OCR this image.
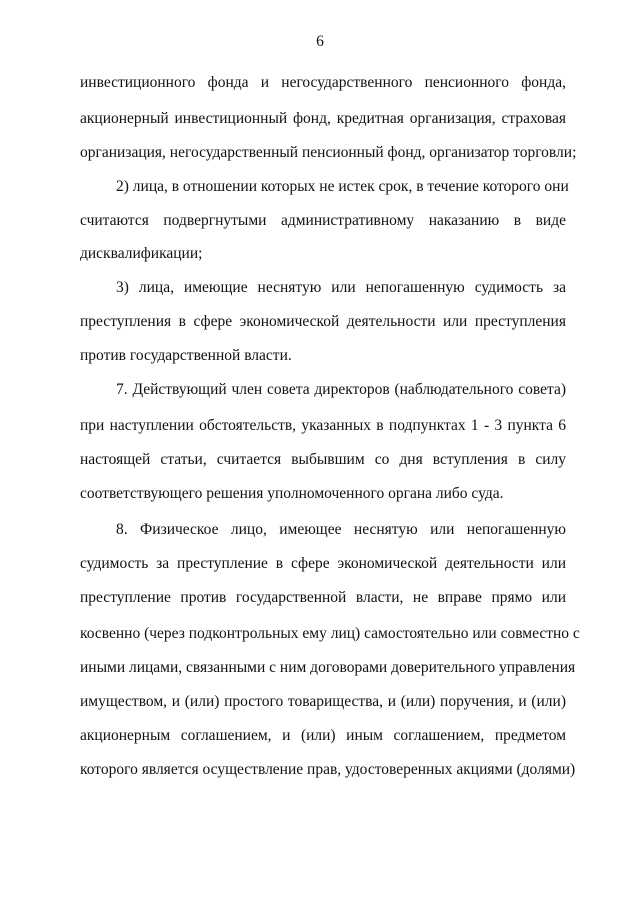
6
инвестиционного фонда и негосударственного пенсионного фонда,
акционерный инвестиционный фонд, кредитная организация, страховая
организация, негосударственный пенсионный фонд, организатор торговли;
2) лица, в отношении которых не истек срок, в течение которого они
считаются подвергнутыми административному наказанию в виде
дисквалификации;
3) лица, имеющие неснятую или непогашенную судимость за
преступления в сфере экономической деятельности или преступления
против государственной власти.
7. Действующий член совета директоров (наблюдательного совета)
при наступлении обстоятельств, указанных в подпунктах 1 - 3 пункта 6
настоящей статьи, считается выбывшим со дня вступления в силу
соответствующего решения уполномоченного органа либо суда.
8. Физическое лицо, имеющее неснятую или непогашенную
судимость за преступление в сфере экономической деятельности или
преступление против государственной власти, не вправе прямо или
косвенно (через подконтрольных ему лиц) самостоятельно или совместно с
иными лицами, связанными с ним договорами доверительного управления
имуществом, и (или) простого товарищества, и (или) поручения, и (или)
акционерным соглашением, и (или) иным соглашением, предметом
которого является осуществление прав, удостоверенных акциями (долями)
